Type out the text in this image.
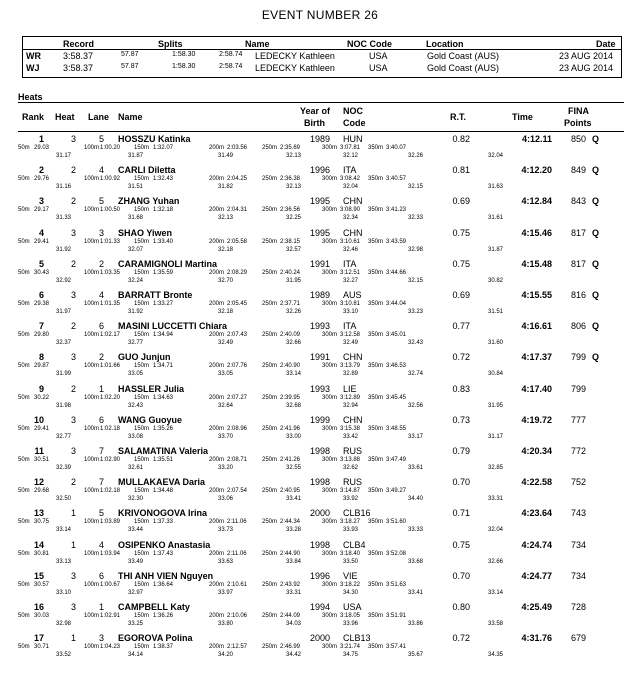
EVENT NUMBER 26
Record	Splits	Name	NOC Code	Location	Date
WR 3:58.37	57.87	1:58.30	2:58.74 LEDECKY Kathleen	USA	Gold Coast (AUS)	23 AUG 2014
WJ	3:58.37	57.87	1:58.30	2:58.74 LEDECKY Kathleen	USA	Gold Coast (AUS)	23 AUG 2014
Heats
Rank Heat Lane Name
Year of
Birth
NOC
Code
R.T.	Time
FINA
Points
1	3	5 HOSSZU Katinka	1989 HUN	0.82	4:12.11	850 Q
50m 29.03	100m 1:00.20 150m 1:32.07	200m 2:03.56 250m 2:35.69	300m 3:07.81 350m 3:40.07
31.17	31.87	31.49	32.13	32.12	32.26	32.04
2	2	4 CARLI Diletta	1996 ITA	0.81	4:12.20	849 Q
50m 29.76	100m 1:00.92 150m 1:32.43	200m 2:04.25 250m 2:36.38	300m 3:08.42 350m 3:40.57
31.16	31.51	31.82	32.13	32.04	32.15	31.63
3	2	5 ZHANG Yuhan	1995 CHN	0.69	4:12.84	843 Q
50m 29.17	100m 1:00.50 150m 1:32.18	200m 2:04.31 250m 2:36.56	300m 3:08.90 350m 3:41.23
31.33	31.68	32.13	32.25	32.34	32.33	31.61
4	3	3 SHAO Yiwen	1995 CHN	0.75	4:15.46	817 Q
50m 29.41	100m 1:01.33 150m 1:33.40	200m 2:05.58 250m 2:38.15	300m 3:10.61 350m 3:43.59
31.92	32.07	32.18	32.57	32.46	32.98	31.87
5	2	2 CARAMIGNOLI Martina	1991 ITA	0.75	4:15.48	817 Q
50m 30.43	100m 1:03.35 150m 1:35.59	200m 2:08.29 250m 2:40.24	300m 3:12.51 350m 3:44.66
32.92	32.24	32.70	31.95	32.27	32.15	30.82
6	3	4 BARRATT Bronte	1989 AUS	0.69	4:15.55	816 Q
50m 29.38	100m 1:01.35 150m 1:33.27	200m 2:05.45 250m 2:37.71	300m 3:10.81 350m 3:44.04
31.97	31.92	32.18	32.26	33.10	33.23	31.51
7	2	6 MASINI LUCCETTI Chiara	1993 ITA	0.77	4:16.61	806 Q
50m 29.80	100m 1:02.17 150m 1:34.94	200m 2:07.43 250m 2:40.09	300m 3:12.58 350m 3:45.01
32.37	32.77	32.49	32.66	32.49	32.43	31.60
8	3	2 GUO Junjun	1991 CHN	0.72	4:17.37	799 Q
50m 29.87	100m 1:01.66 150m 1:34.71	200m 2:07.76 250m 2:40.90	300m 3:13.79 350m 3:46.53
31.99	33.05	33.05	33.14	32.89	32.74	30.84
9	2	1 HASSLER Julia	1993 LIE	0.83	4:17.40	799
50m 30.22	100m 1:02.20 150m 1:34.63	200m 2:07.27 250m 2:39.95	300m 3:12.89 350m 3:45.45
31.98	32.43	32.64	32.68	32.94	32.56	31.95
10	3	6 WANG Guoyue	1999 CHN	0.73	4:19.72	777
50m 29.41	100m 1:02.18 150m 1:35.26	200m 2:08.96 250m 2:41.96	300m 3:15.38 350m 3:48.55
32.77	33.08	33.70	33.00	33.42	33.17	31.17
11	3	7 SALAMATINA Valeria	1998 RUS	0.79	4:20.34	772
50m 30.51	100m 1:02.90 150m 1:35.51	200m 2:08.71 250m 2:41.26	300m 3:13.88 350m 3:47.49
32.39	32.61	33.20	32.55	32.62	33.61	32.85
12	2	7 MULLAKAEVA Daria	1998 RUS	0.70	4:22.58	752
50m 29.68	100m 1:02.18 150m 1:34.48	200m 2:07.54 250m 2:40.95	300m 3:14.87 350m 3:49.27
32.50	32.30	33.06	33.41	33.92	34.40	33.31
13	1	5 KRIVONOGOVA Irina	2000 CLB16	0.71	4:23.64	743
50m 30.75	100m 1:03.89 150m 1:37.33	200m 2:11.06	250m 2:44.34	300m 3:18.27 350m 3:51.60
33.14	33.44	33.73	33.28	33.93	33.33	32.04
14	1	4 OSIPENKO Anastasia	1998 CLB4	0.75	4:24.74	734
50m 30.81	100m 1:03.94 150m 1:37.43	200m 2:11.06	250m 2:44.90	300m 3:18.40 350m 3:52.08
33.13	33.49	33.63	33.84	33.50	33.68	32.66
15	3	6 THI ANH VIEN Nguyen	1996 VIE	0.70	4:24.77	734
50m 30.57	100m 1:00.67 150m 1:36.64	200m 2:10.61 250m 2:43.92	300m 3:18.22 350m 3:51.63
33.10	32.97	33.97	33.31	34.30	33.41	33.14
16	3	1 CAMPBELL Katy	1994 USA	0.80	4:25.49	728
50m 30.03	100m 1:02.91 150m 1:36.26	200m 2:10.06 250m 2:44.09	300m 3:18.05 350m 3:51.91
32.98	33.25	33.80	34.03	33.96	33.86	33.58
17	1	3 EGOROVA Polina	2000 CLB13	0.72	4:31.76	679
50m 30.71	100m 1:04.23 150m 1:38.37	200m 2:12.57 250m 2:46.99	300m 3:21.74 350m 3:57.41
33.52	34.14	34.20	34.42	34.75	35.67	34.35
